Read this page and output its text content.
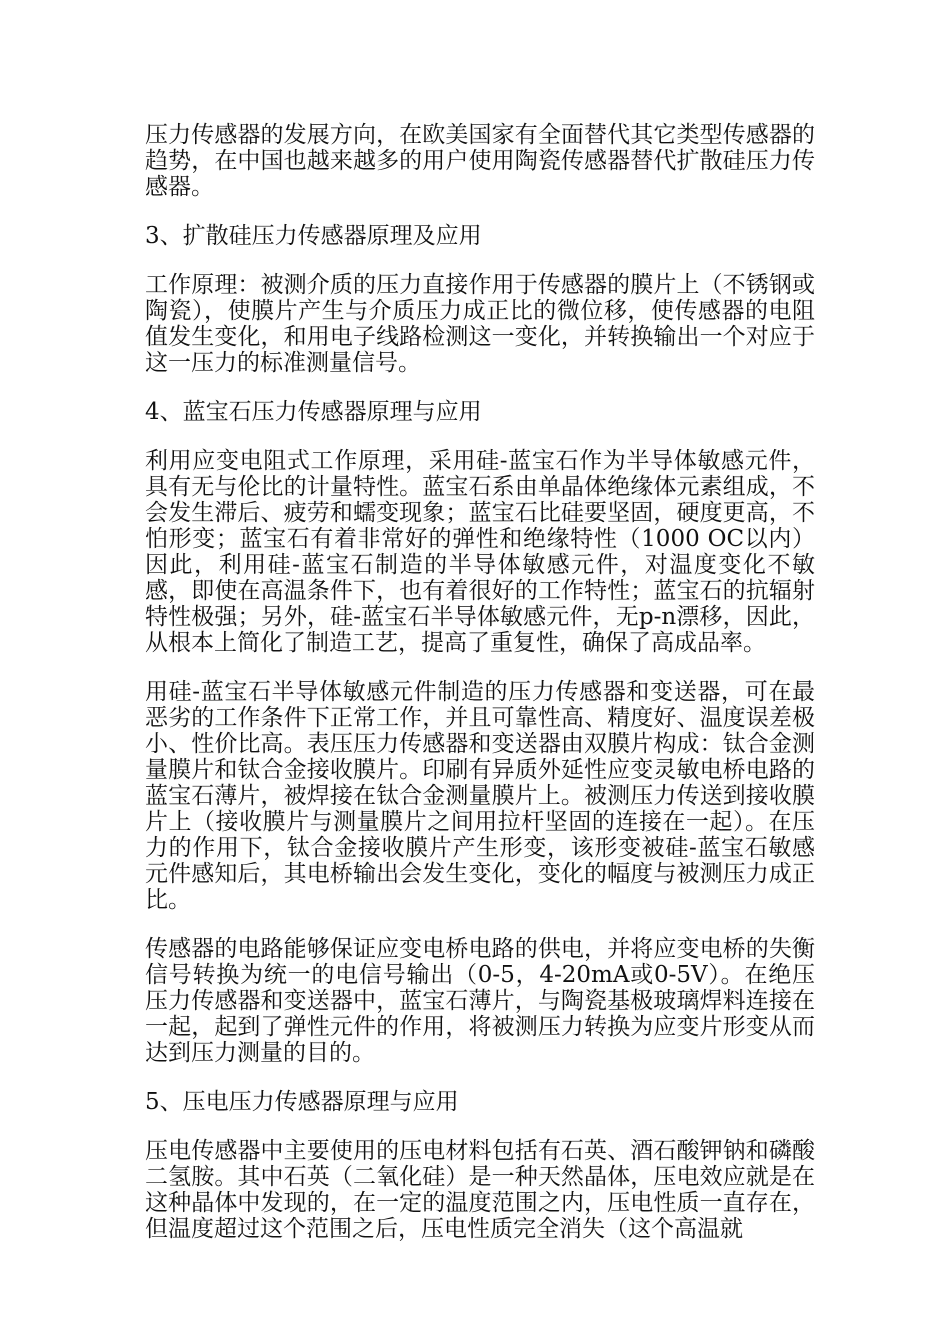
压力传感器的发展方向，在欧美国家有全面替代其它类型传感器的趋势，在中国也越来越多的用户使用陶瓷传感器替代扩散硅压力传感器。

3、扩散硅压力传感器原理及应用

工作原理：被测介质的压力直接作用于传感器的膜片上（不锈钢或陶瓷），使膜片产生与介质压力成正比的微位移，使传感器的电阻值发生变化，和用电子线路检测这一变化，并转换输出一个对应于这一压力的标准测量信号。

4、蓝宝石压力传感器原理与应用

利用应变电阻式工作原理，采用硅-蓝宝石作为半导体敏感元件，具有无与伦比的计量特性。蓝宝石系由单晶体绝缘体元素组成，不会发生滞后、疲劳和蠕变现象；蓝宝石比硅要坚固，硬度更高，不怕形变；蓝宝石有着非常好的弹性和绝缘特性（1000 OC以内）因此，利用硅-蓝宝石制造的半导体敏感元件，对温度变化不敏感，即使在高温条件下，也有着很好的工作特性；蓝宝石的抗辐射特性极强；另外，硅-蓝宝石半导体敏感元件，无p-n漂移，因此，从根本上简化了制造工艺，提高了重复性，确保了高成品率。

用硅-蓝宝石半导体敏感元件制造的压力传感器和变送器，可在最恶劣的工作条件下正常工作，并且可靠性高、精度好、温度误差极小、性价比高。表压压力传感器和变送器由双膜片构成：钛合金测量膜片和钛合金接收膜片。印刷有异质外延性应变灵敏电桥电路的蓝宝石薄片，被焊接在钛合金测量膜片上。被测压力传送到接收膜片上（接收膜片与测量膜片之间用拉杆坚固的连接在一起）。在压力的作用下，钛合金接收膜片产生形变，该形变被硅-蓝宝石敏感元件感知后，其电桥输出会发生变化，变化的幅度与被测压力成正比。

传感器的电路能够保证应变电桥电路的供电，并将应变电桥的失衡信号转换为统一的电信号输出（0-5，4-20mA或0-5V）。在绝压压力传感器和变送器中，蓝宝石薄片，与陶瓷基极玻璃焊料连接在一起，起到了弹性元件的作用，将被测压力转换为应变片形变从而达到压力测量的目的。

5、压电压力传感器原理与应用

压电传感器中主要使用的压电材料包括有石英、酒石酸钾钠和磷酸二氢胺。其中石英（二氧化硅）是一种天然晶体，压电效应就是在这种晶体中发现的，在一定的温度范围之内，压电性质一直存在，但温度超过这个范围之后，压电性质完全消失（这个高温就
